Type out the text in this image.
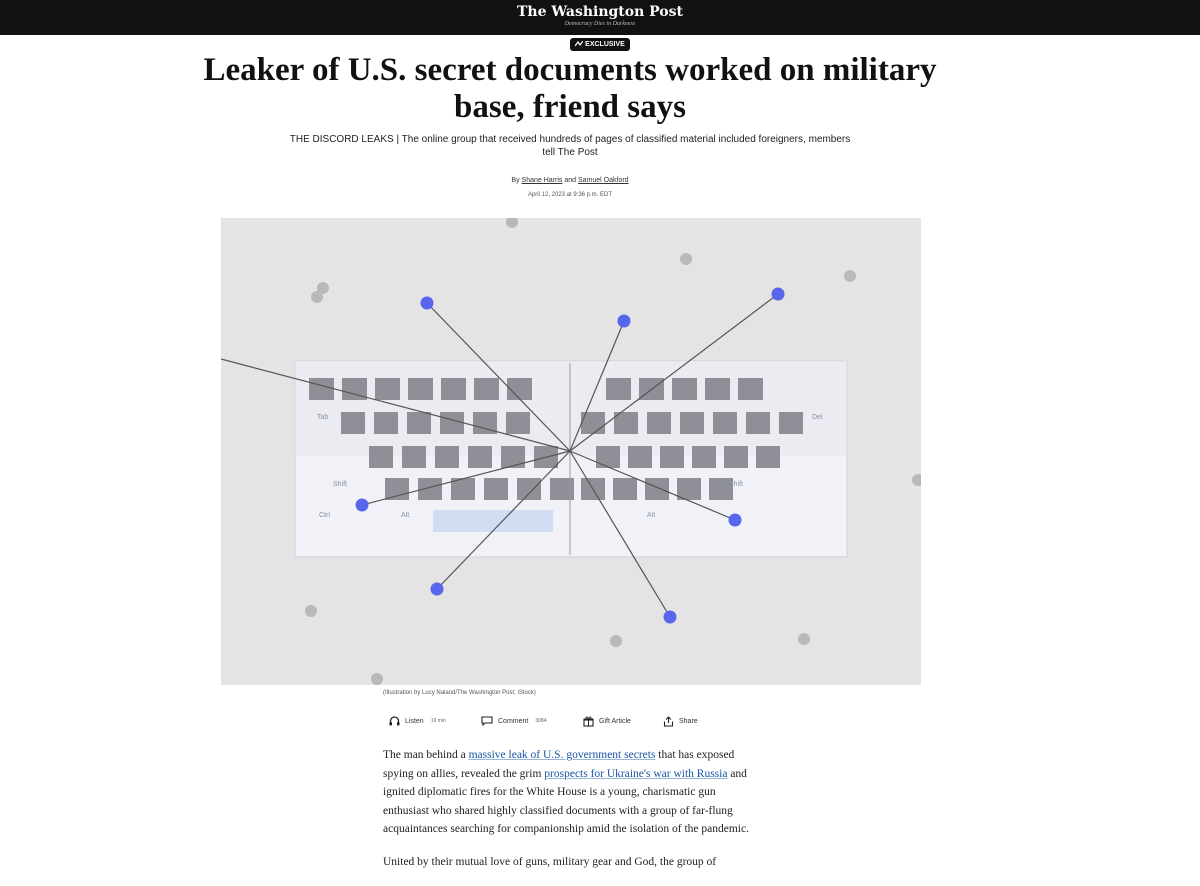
The Washington Post
Democracy Dies in Darkness
EXCLUSIVE
Leaker of U.S. secret documents worked on military base, friend says
THE DISCORD LEAKS | The online group that received hundreds of pages of classified material included foreigners, members tell The Post
By Shane Harris and Samuel Oakford
April 12, 2023 at 9:36 p.m. EDT
Tab	Del
Shift	Shift
Ctrl	Alt	Alt
(Illustration by Lucy Naland/The Washington Post; iStock)
Listen 19 min	Comment 3084	Gift Article	Share

The man behind a massive leak of U.S. government secrets that has exposed spying on allies, revealed the grim prospects for Ukraine's war with Russia and ignited diplomatic fires for the White House is a young, charismatic gun enthusiast who shared highly classified documents with a group of far-flung acquaintances searching for companionship amid the isolation of the pandemic.

United by their mutual love of guns, military gear and God, the group of
